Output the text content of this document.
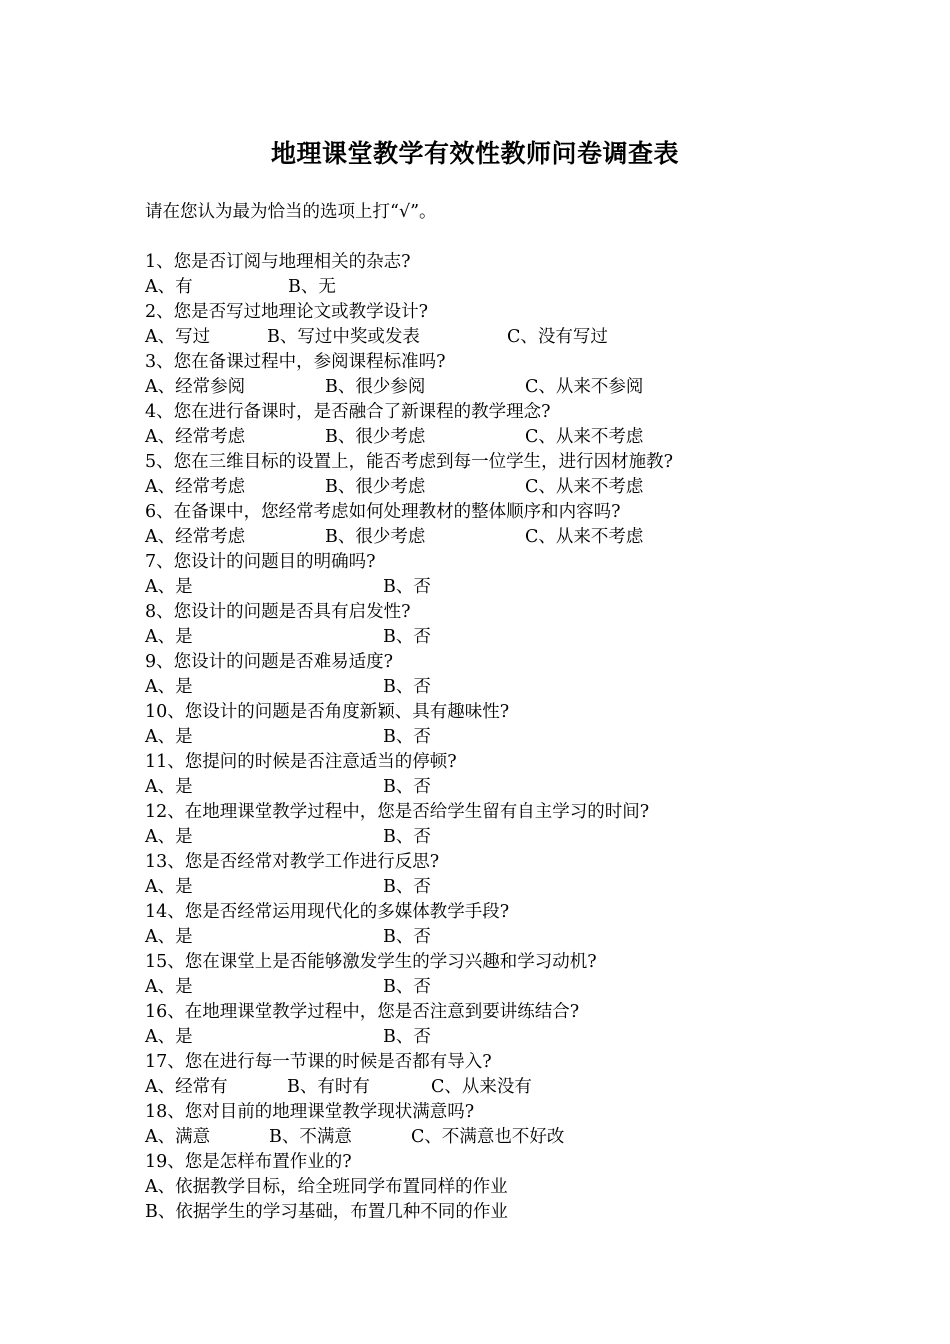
地理课堂教学有效性教师问卷调查表
请在您认为最为恰当的选项上打“√”。
1、您是否订阅与地理相关的杂志?
A、有	B、无
2、您是否写过地理论文或教学设计?
A、写过	B、写过中奖或发表	C、没有写过
3、您在备课过程中，参阅课程标准吗?
A、经常参阅	B、很少参阅	C、从来不参阅
4、您在进行备课时，是否融合了新课程的教学理念?
A、经常考虑	B、很少考虑	C、从来不考虑
5、您在三维目标的设置上，能否考虑到每一位学生，进行因材施教?
A、经常考虑	B、很少考虑	C、从来不考虑
6、在备课中，您经常考虑如何处理教材的整体顺序和内容吗?
A、经常考虑	B、很少考虑	C、从来不考虑
7、您设计的问题目的明确吗?
A、是	B、否
8、您设计的问题是否具有启发性?
A、是	B、否
9、您设计的问题是否难易适度?
A、是	B、否
10、您设计的问题是否角度新颖、具有趣味性?
A、是	B、否
11、您提问的时候是否注意适当的停顿?
A、是	B、否
12、在地理课堂教学过程中，您是否给学生留有自主学习的时间?
A、是	B、否
13、您是否经常对教学工作进行反思?
A、是	B、否
14、您是否经常运用现代化的多媒体教学手段?
A、是	B、否
15、您在课堂上是否能够激发学生的学习兴趣和学习动机?
A、是	B、否
16、在地理课堂教学过程中，您是否注意到要讲练结合?
A、是	B、否
17、您在进行每一节课的时候是否都有导入?
A、经常有	B、有时有	C、从来没有
18、您对目前的地理课堂教学现状满意吗?
A、满意	B、不满意	C、不满意也不好改
19、您是怎样布置作业的?
A、依据教学目标，给全班同学布置同样的作业
B、依据学生的学习基础，布置几种不同的作业
